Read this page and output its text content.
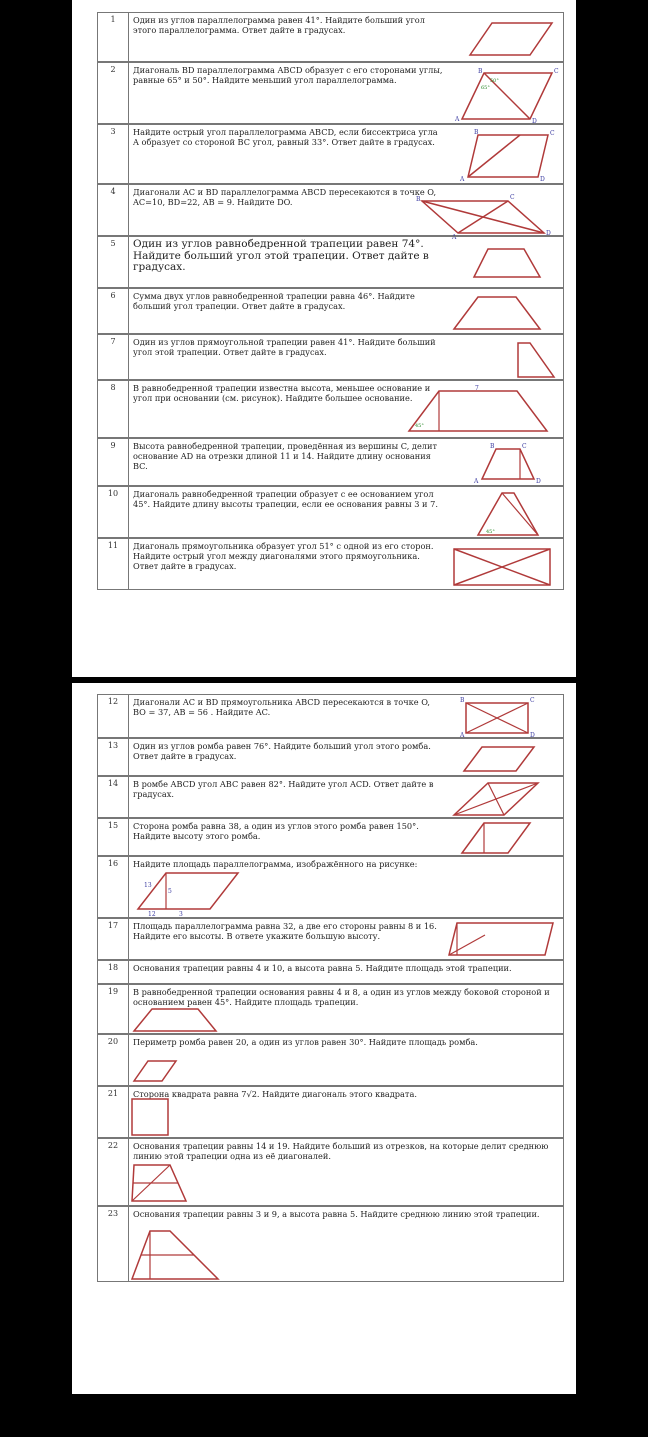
1	Один из углов параллелограмма равен 41°. Найдите больший угол этого параллелограмма. Ответ дайте в градусах.
2	Диагональ BD параллелограмма ABCD образует с его сторонами углы, равные 65° и 50°. Найдите меньший угол параллелограмма.
B	C
A	D
50°
65°
3	Найдите острый угол параллелограмма ABCD, если биссектриса угла A образует со стороной BC угол, равный 33°. Ответ дайте в градусах.
B	C
A	D
4	Диагонали AC и BD параллелограмма ABCD пересекаются в точке O, AC=10, BD=22, AB = 9. Найдите DO.	B	C
A
D
5	Один из углов равнобедренной трапеции равен 74°. Найдите больший угол этой трапеции. Ответ дайте в градусах.
6	Сумма двух углов равнобедренной трапеции равна 46°. Найдите больший угол трапеции. Ответ дайте в градусах.
7	Один из углов прямоугольной трапеции равен 41°. Найдите больший угол этой трапеции. Ответ дайте в градусах.
8	В равнобедренной трапеции известна высота, меньшее основание и угол при основании (см. рисунок). Найдите большее основание.
7
45°
9	Высота равнобедренной трапеции, проведённая из вершины C, делит основание AD на отрезки длиной 11 и 14. Найдите длину основания BC.
B	C
A	D
10	Диагональ равнобедренной трапеции образует с ее основанием угол 45°. Найдите длину высоты трапеции, если ее основания равны 3 и 7.
45°
11	Диагональ прямоугольника образует угол 51° с одной из его сторон. Найдите острый угол между диагоналями этого прямоугольника. Ответ дайте в градусах.
12	Диагонали AC и BD прямоугольника ABCD пересекаются в точке O, BO = 37, AB = 56 . Найдите AC.
B	C
A	D
13	Один из углов ромба равен 76°. Найдите больший угол этого ромба. Ответ дайте в градусах.
14	В ромбе ABCD угол ABC равен 82°. Найдите угол ACD. Ответ дайте в градусах.
15	Сторона ромба равна 38, а один из углов этого ромба равен 150°. Найдите высоту этого ромба.
16	Найдите площадь параллелограмма, изображённого на рисунке:
13
5
12	3
17	Площадь параллелограмма равна 32, а две его стороны равны 8 и 16. Найдите его высоты. В ответе укажите большую высоту.
18	Основания трапеции равны 4 и 10, а высота равна 5. Найдите площадь этой трапеции.
19	В равнобедренной трапеции основания равны 4 и 8, а один из углов между боковой стороной и основанием равен 45°. Найдите площадь трапеции.
20	Периметр ромба равен 20, а один из углов равен 30°. Найдите площадь ромба.
21	Сторона квадрата равна 7√2. Найдите диагональ этого квадрата.
22	Основания трапеции равны 14 и 19. Найдите больший из отрезков, на которые делит среднюю линию этой трапеции одна из её диагоналей.
23	Основания трапеции равны 3 и 9, а высота равна 5. Найдите среднюю линию этой трапеции.
